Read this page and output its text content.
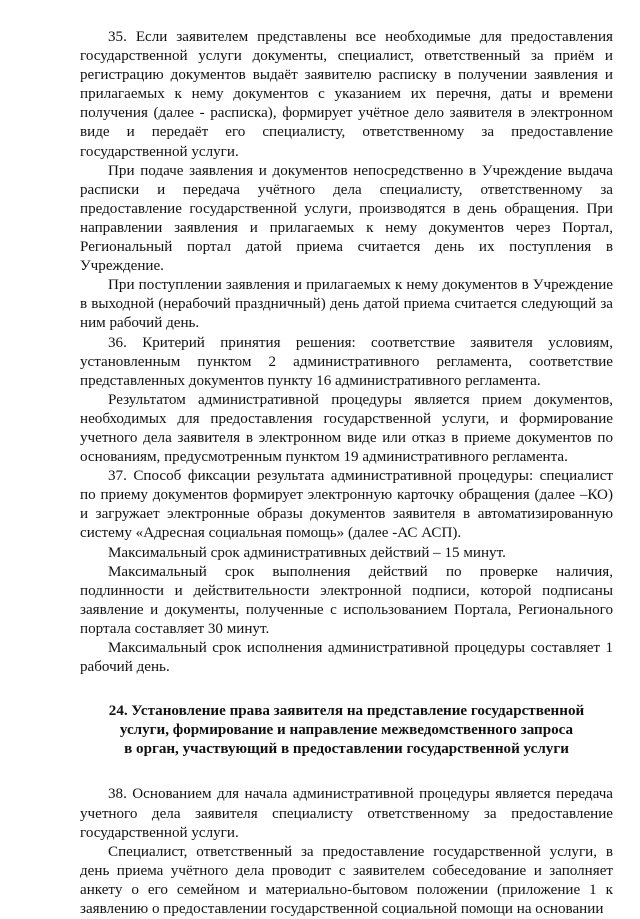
35. Если заявителем представлены все необходимые для предоставления государственной услуги документы, специалист, ответственный за приём и регистрацию документов выдаёт заявителю расписку в получении заявления и прилагаемых к нему документов с указанием их перечня, даты и времени получения (далее - расписка), формирует учётное дело заявителя в электронном виде и передаёт его специалисту, ответственному за предоставление государственной услуги.

При подаче заявления и документов непосредственно в Учреждение выдача расписки и передача учётного дела специалисту, ответственному за предоставление государственной услуги, производятся в день обращения. При направлении заявления и прилагаемых к нему документов через Портал, Региональный портал датой приема считается день их поступления в Учреждение.

При поступлении заявления и прилагаемых к нему документов в Учреждение в выходной (нерабочий праздничный) день датой приема считается следующий за ним рабочий день.

36. Критерий принятия решения: соответствие заявителя условиям, установленным пунктом 2 административного регламента, соответствие представленных документов пункту 16 административного регламента.

Результатом административной процедуры является прием документов, необходимых для предоставления государственной услуги, и формирование учетного дела заявителя в электронном виде или отказ в приеме документов по основаниям, предусмотренным пунктом 19 административного регламента.

37. Способ фиксации результата административной процедуры: специалист по приему документов формирует электронную карточку обращения (далее –КО) и загружает электронные образы документов заявителя в автоматизированную систему «Адресная социальная помощь» (далее -АС АСП).

Максимальный срок административных действий – 15 минут.

Максимальный срок выполнения действий по проверке наличия, подлинности и действительности электронной подписи, которой подписаны заявление и документы, полученные с использованием Портала, Регионального портала составляет 30 минут.

Максимальный срок исполнения административной процедуры составляет 1 рабочий день.

24. Установление права заявителя на представление государственной
услуги, формирование и направление межведомственного запроса
в орган, участвующий в предоставлении государственной услуги

38. Основанием для начала административной процедуры является передача учетного дела заявителя специалисту ответственному за предоставление государственной услуги.

Специалист, ответственный за предоставление государственной услуги, в день приема учётного дела проводит с заявителем собеседование и заполняет анкету о его семейном и материально-бытовом положении (приложение 1 к заявлению о предоставлении государственной социальной помощи на основании
